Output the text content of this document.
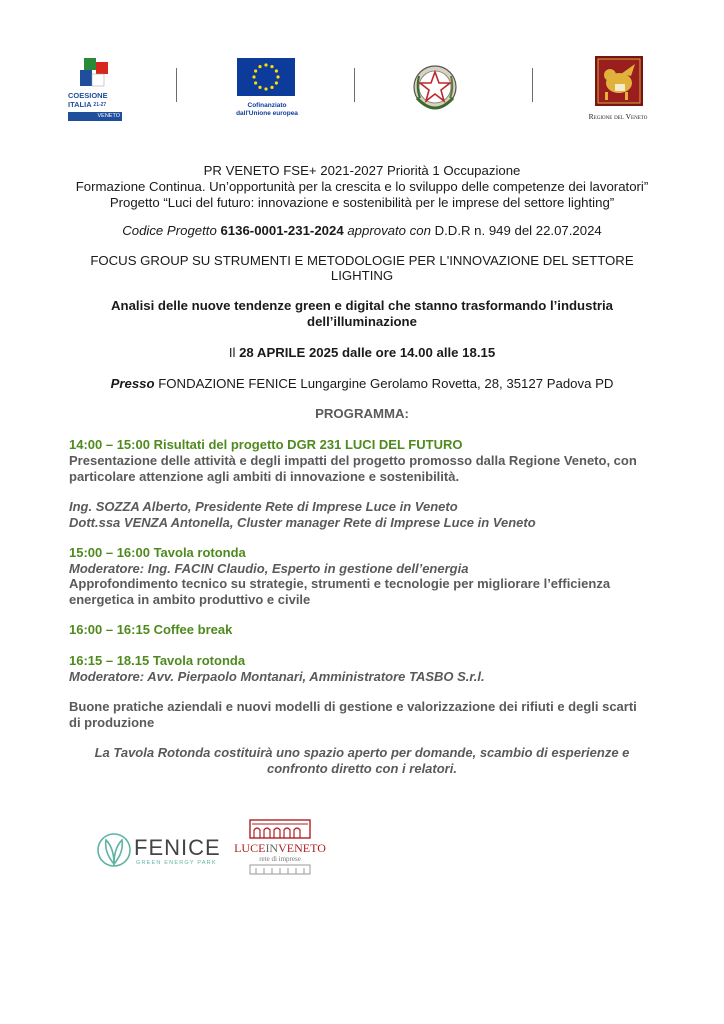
COESIONE
ITALIA $^{21-27}$
VENETO
Cofinanziato
dall'Unione europea	Regione del Veneto
PR VENETO FSE+ 2021-2027 Priorità 1 Occupazione
Formazione Continua. Un’opportunità per la crescita e lo sviluppo delle competenze dei lavoratori”
Progetto “Luci del futuro: innovazione e sostenibilità per le imprese del settore lighting”
Codice Progetto 6136-0001-231-2024 approvato con D.D.R n. 949 del 22.07.2024
FOCUS GROUP SU STRUMENTI E METODOLOGIE PER L'INNOVAZIONE DEL SETTORE
LIGHTING
Analisi delle nuove tendenze green e digital che stanno trasformando l’industria
dell’illuminazione
Il 28 APRILE 2025 dalle ore 14.00 alle 18.15
Presso FONDAZIONE FENICE Lungargine Gerolamo Rovetta, 28, 35127 Padova PD
PROGRAMMA:
14:00 – 15:00 Risultati del progetto DGR 231 LUCI DEL FUTURO
Presentazione delle attività e degli impatti del progetto promosso dalla Regione Veneto, con
particolare attenzione agli ambiti di innovazione e sostenibilità.
Ing. SOZZA Alberto, Presidente Rete di Imprese Luce in Veneto
Dott.ssa VENZA Antonella, Cluster manager Rete di Imprese Luce in Veneto
15:00 – 16:00 Tavola rotonda
Moderatore: Ing. FACIN Claudio, Esperto in gestione dell’energia
Approfondimento tecnico su strategie, strumenti e tecnologie per migliorare l’efficienza
energetica in ambito produttivo e civile
16:00 – 16:15 Coffee break
16:15 – 18.15 Tavola rotonda
Moderatore: Avv. Pierpaolo Montanari, Amministratore TASBO S.r.l.
Buone pratiche aziendali e nuovi modelli di gestione e valorizzazione dei rifiuti e degli scarti
di produzione
La Tavola Rotonda costituirà uno spazio aperto per domande, scambio di esperienze e
confronto diretto con i relatori.
FENICE
GREEN ENERGY PARK
LUCEINVENETO
rete di imprese
